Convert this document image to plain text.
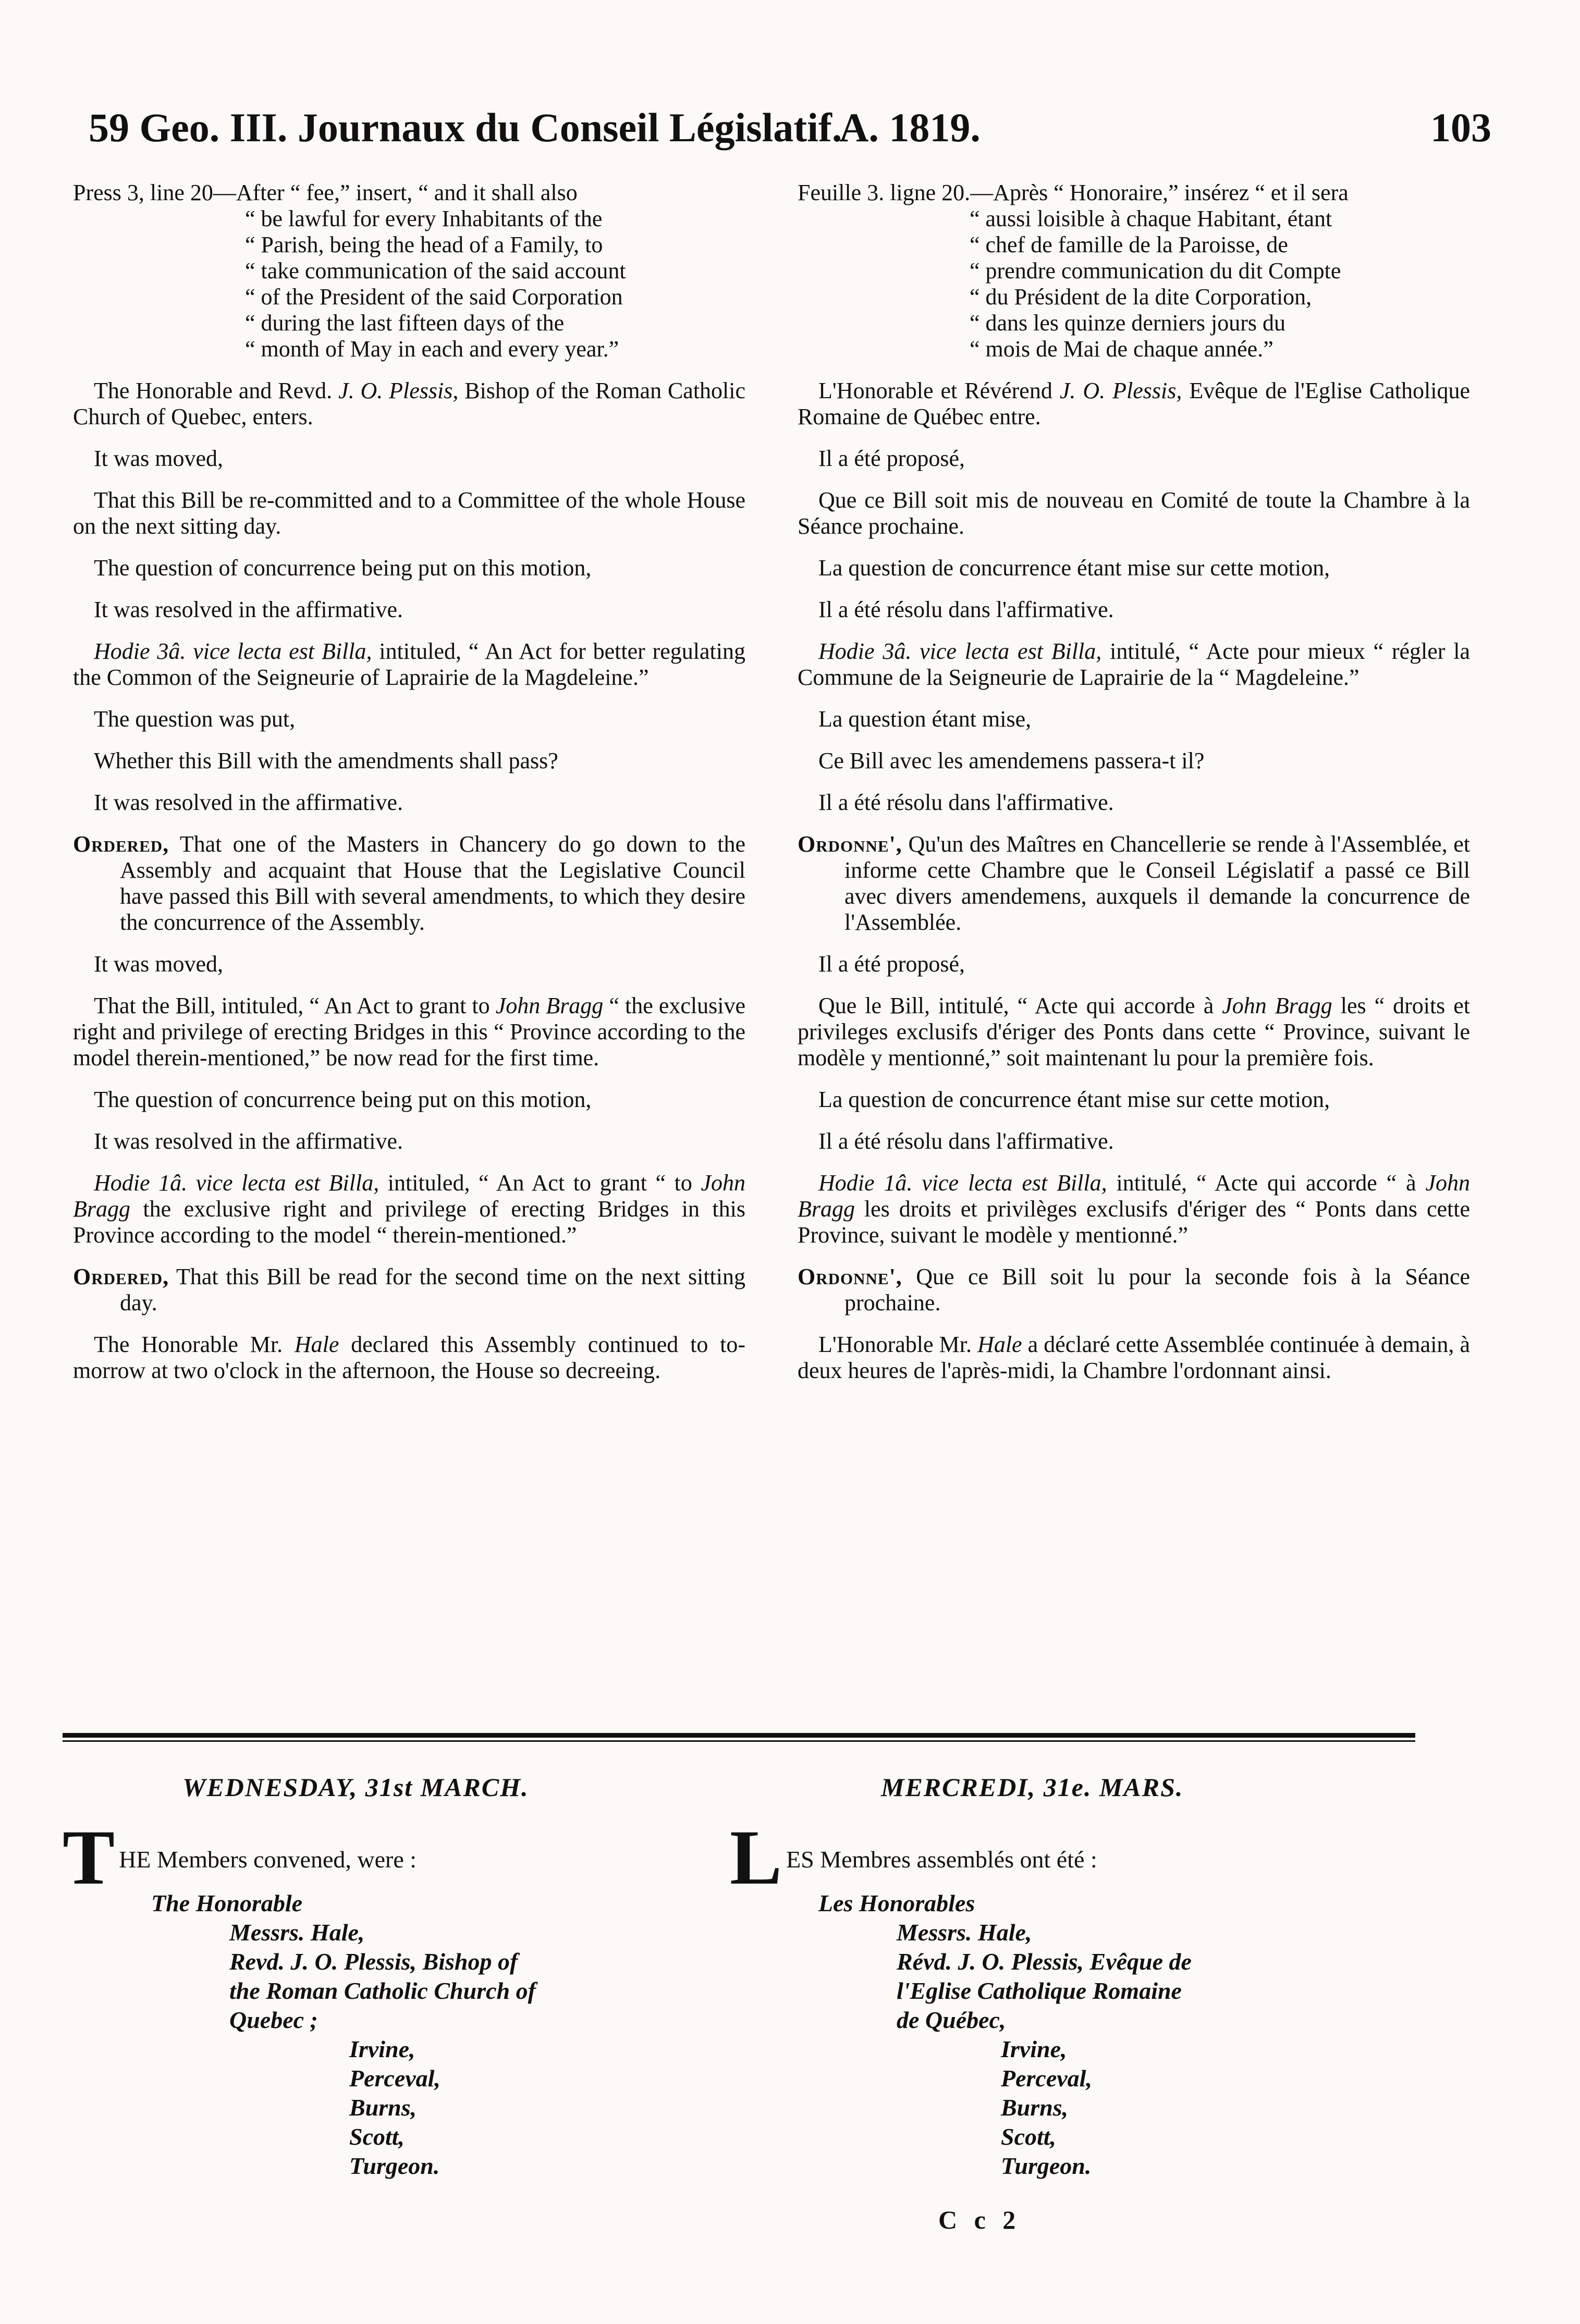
59 Geo. III. Journaux du Conseil Législatif.
A. 1819.	103

Press 3, line 20—After “ fee,” insert, “ and it shall also
“ be lawful for every Inhabitants of the
“ Parish, being the head of a Family, to
“ take communication of the said account
“ of the President of the said Corporation
“ during the last fifteen days of the
“ month of May in each and every year.”

The Honorable and Revd. J. O. Plessis, Bishop of the Roman Catholic Church of Quebec, enters.

It was moved,

That this Bill be re-committed and to a Committee of the whole House on the next sitting day.

The question of concurrence being put on this motion,

It was resolved in the affirmative.

Hodie 3â. vice lecta est Billa, intituled, “ An Act for better regulating the Common of the Seigneurie of Laprairie de la Magdeleine.”

The question was put,

Whether this Bill with the amendments shall pass?

It was resolved in the affirmative.

Ordered, That one of the Masters in Chancery do go down to the Assembly and acquaint that House that the Legislative Council have passed this Bill with several amendments, to which they desire the concurrence of the Assembly.

It was moved,

That the Bill, intituled, “ An Act to grant to John Bragg “ the exclusive right and privilege of erecting Bridges in this “ Province according to the model therein-mentioned,” be now read for the first time.

The question of concurrence being put on this motion,

It was resolved in the affirmative.

Hodie 1â. vice lecta est Billa, intituled, “ An Act to grant “ to John Bragg the exclusive right and privilege of erecting Bridges in this Province according to the model “ therein-mentioned.”

Ordered, That this Bill be read for the second time on the next sitting day.

The Honorable Mr. Hale declared this Assembly continued to to-morrow at two o'clock in the afternoon, the House so decreeing.

Feuille 3. ligne 20.—Après “ Honoraire,” insérez “ et il sera
“ aussi loisible à chaque Habitant, étant
“ chef de famille de la Paroisse, de
“ prendre communication du dit Compte
“ du Président de la dite Corporation,
“ dans les quinze derniers jours du
“ mois de Mai de chaque année.”

L'Honorable et Révérend J. O. Plessis, Evêque de l'Eglise Catholique Romaine de Québec entre.

Il a été proposé,

Que ce Bill soit mis de nouveau en Comité de toute la Chambre à la Séance prochaine.

La question de concurrence étant mise sur cette motion,

Il a été résolu dans l'affirmative.

Hodie 3â. vice lecta est Billa, intitulé, “ Acte pour mieux “ régler la Commune de la Seigneurie de Laprairie de la “ Magdeleine.”

La question étant mise,

Ce Bill avec les amendemens passera-t il?

Il a été résolu dans l'affirmative.

Ordonne', Qu'un des Maîtres en Chancellerie se rende à l'Assemblée, et informe cette Chambre que le Conseil Législatif a passé ce Bill avec divers amendemens, auxquels il demande la concurrence de l'Assemblée.

Il a été proposé,

Que le Bill, intitulé, “ Acte qui accorde à John Bragg les “ droits et privileges exclusifs d'ériger des Ponts dans cette “ Province, suivant le modèle y mentionné,” soit maintenant lu pour la première fois.

La question de concurrence étant mise sur cette motion,

Il a été résolu dans l'affirmative.

Hodie 1â. vice lecta est Billa, intitulé, “ Acte qui accorde “ à John Bragg les droits et privilèges exclusifs d'ériger des “ Ponts dans cette Province, suivant le modèle y mentionné.”

Ordonne', Que ce Bill soit lu pour la seconde fois à la Séance prochaine.

L'Honorable Mr. Hale a déclaré cette Assemblée continuée à demain, à deux heures de l'après-midi, la Chambre l'ordonnant ainsi.

WEDNESDAY, 31st MARCH.	MERCREDI, 31e. MARS.
T HE Members convened, were :
The Honorable
Messrs. Hale,
Revd. J. O. Plessis, Bishop of
the Roman Catholic Church of
Quebec ;
Irvine,
Perceval,
Burns,
Scott,
Turgeon.
L ES Membres assemblés ont été :
Les Honorables
Messrs. Hale,
Révd. J. O. Plessis, Evêque de
l'Eglise Catholique Romaine
de Québec,
Irvine,
Perceval,
Burns,
Scott,
Turgeon.
C c 2
